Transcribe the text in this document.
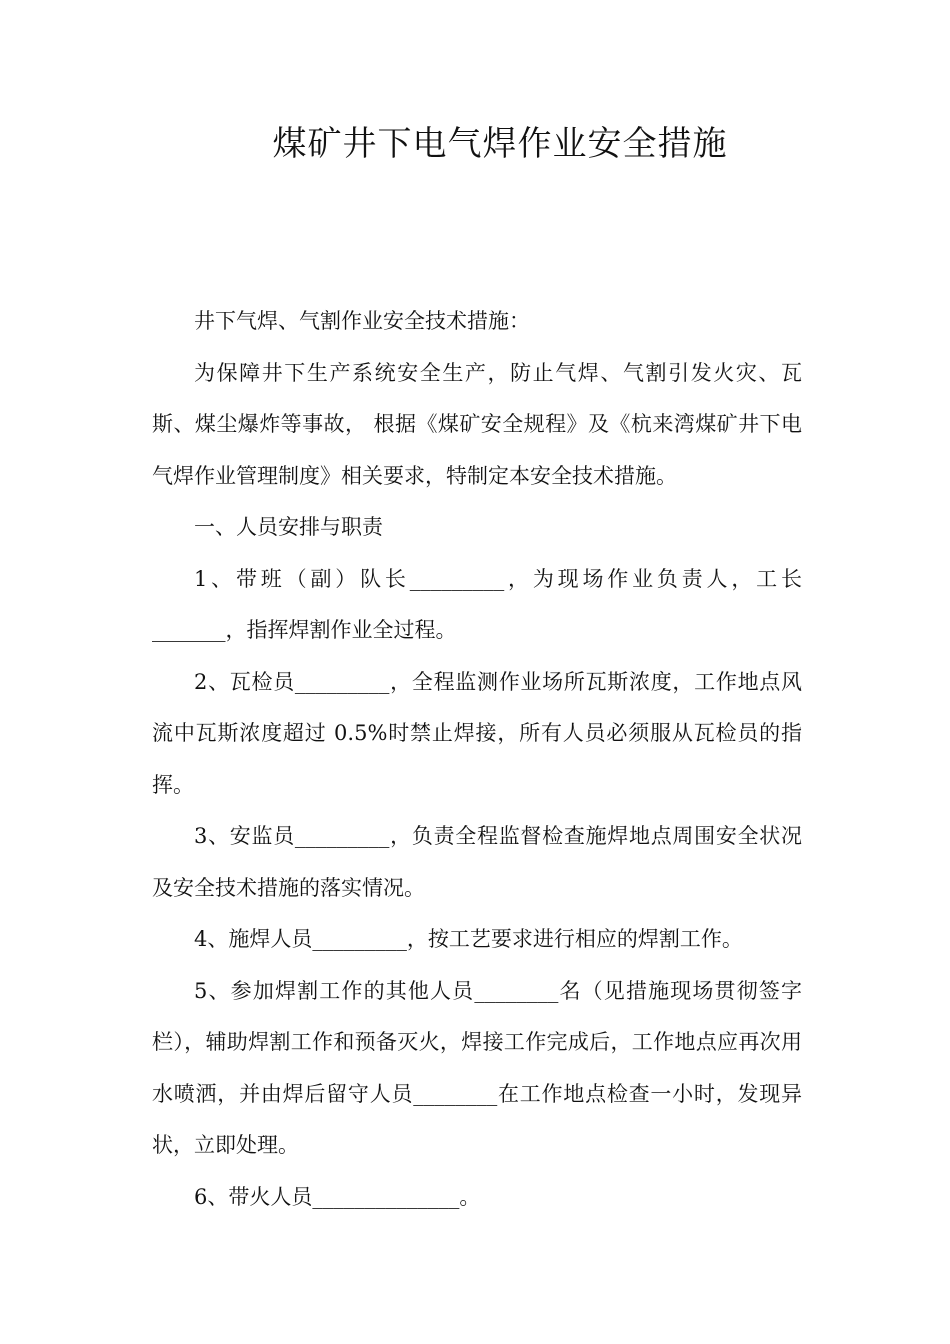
煤矿井下电气焊作业安全措施

井下气焊、气割作业安全技术措施：

为保障井下生产系统安全生产，防止气焊、气割引发火灾、瓦斯、煤尘爆炸等事故， 根据《煤矿安全规程》及《杭来湾煤矿井下电气焊作业管理制度》相关要求，特制定本安全技术措施。

一、人员安排与职责

1、带班（副）队长_________，为现场作业负责人，工长_______，指挥焊割作业全过程。

2、瓦检员_________，全程监测作业场所瓦斯浓度，工作地点风流中瓦斯浓度超过 0.5%时禁止焊接，所有人员必须服从瓦检员的指挥。

3、安监员_________，负责全程监督检查施焊地点周围安全状况及安全技术措施的落实情况。

4、施焊人员_________，按工艺要求进行相应的焊割工作。

5、参加焊割工作的其他人员________名（见措施现场贯彻签字栏），辅助焊割工作和预备灭火，焊接工作完成后，工作地点应再次用水喷洒，并由焊后留守人员________在工作地点检查一小时，发现异状，立即处理。

6、带火人员______________。
